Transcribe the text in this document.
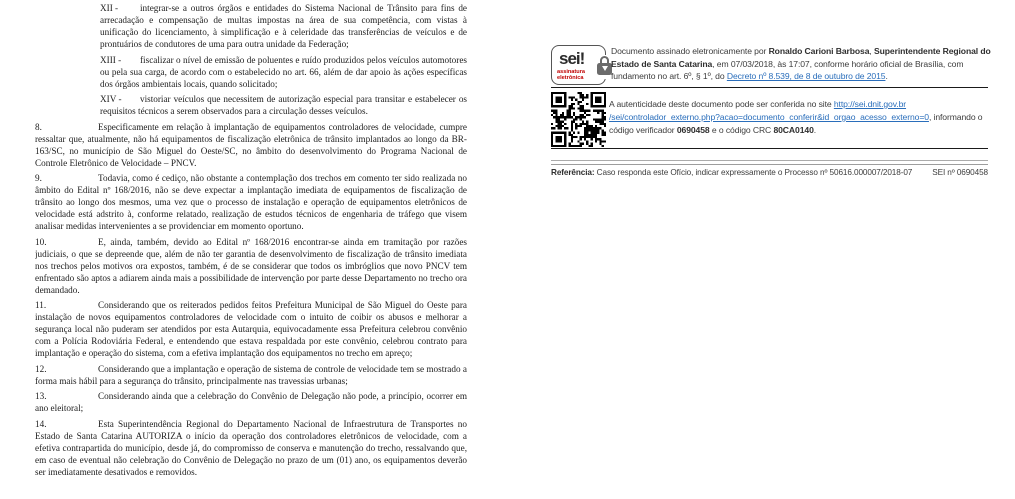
XII - integrar-se a outros órgãos e entidades do Sistema Nacional de Trânsito para fins de arrecadação e compensação de multas impostas na área de sua competência, com vistas à unificação do licenciamento, à simplificação e à celeridade das transferências de veículos e de prontuários de condutores de uma para outra unidade da Federação;

XIII - fiscalizar o nível de emissão de poluentes e ruído produzidos pelos veículos automotores ou pela sua carga, de acordo com o estabelecido no art. 66, além de dar apoio às ações específicas dos órgãos ambientais locais, quando solicitado;

XIV - vistoriar veículos que necessitem de autorização especial para transitar e estabelecer os requisitos técnicos a serem observados para a circulação desses veículos.

8.	Especificamente em relação à implantação de equipamentos controladores de velocidade, cumpre ressaltar que, atualmente, não há equipamentos de fiscalização eletrônica de trânsito implantados ao longo da BR-163/SC, no município de São Miguel do Oeste/SC, no âmbito do desenvolvimento do Programa Nacional de Controle Eletrônico de Velocidade – PNCV.

9.	Todavia, como é cediço, não obstante a contemplação dos trechos em comento ter sido realizada no âmbito do Edital nº 168/2016, não se deve expectar a implantação imediata de equipamentos de fiscalização de trânsito ao longo dos mesmos, uma vez que o processo de instalação e operação de equipamentos eletrônicos de velocidade está adstrito à, conforme relatado, realização de estudos técnicos de engenharia de tráfego que visem analisar medidas intervenientes a se providenciar em momento oportuno.

10.	E, ainda, também, devido ao Edital nº 168/2016 encontrar-se ainda em tramitação por razões judiciais, o que se depreende que, além de não ter garantia de desenvolvimento de fiscalização de trânsito imediata nos trechos pelos motivos ora expostos, também, é de se considerar que todos os imbróglios que novo PNCV tem enfrentado são aptos a adiarem ainda mais a possibilidade de intervenção por parte desse Departamento no trecho ora demandado.

11.	Considerando que os reiterados pedidos feitos Prefeitura Municipal de São Miguel do Oeste para instalação de novos equipamentos controladores de velocidade com o intuito de coibir os abusos e melhorar a segurança local não puderam ser atendidos por esta Autarquia, equivocadamente essa Prefeitura celebrou convênio com a Polícia Rodoviária Federal, e entendendo que estava respaldada por este convênio, celebrou contrato para implantação e operação do sistema, com a efetiva implantação dos equipamentos no trecho em apreço;

12.	Considerando que a implantação e operação de sistema de controle de velocidade tem se mostrado a forma mais hábil para a segurança do trânsito, principalmente nas travessias urbanas;

13.	Considerando ainda que a celebração do Convênio de Delegação não pode, a princípio, ocorrer em ano eleitoral;

14.	Esta Superintendência Regional do Departamento Nacional de Infraestrutura de Transportes no Estado de Santa Catarina AUTORIZA o início da operação dos controladores eletrônicos de velocidade, com a efetiva contrapartida do município, desde já, do compromisso de conserva e manutenção do trecho, ressalvando que, em caso de eventual não celebração do Convênio de Delegação no prazo de um (01) ano, os equipamentos deverão ser imediatamente desativados e removidos.

sei!
assinatura
eletrônica
Documento assinado eletronicamente por Ronaldo Carioni Barbosa, Superintendente Regional do
Estado de Santa Catarina, em 07/03/2018, às 17:07, conforme horário oficial de Brasília, com
fundamento no art. 6º, § 1º, do Decreto nº 8.539, de 8 de outubro de 2015.
A autenticidade deste documento pode ser conferida no site http://sei.dnit.gov.br
/sei/controlador_externo.php?acao=documento_conferir&id_orgao_acesso_externo=0, informando o
código verificador 0690458 e o código CRC 80CA0140.
Referência: Caso responda este Ofício, indicar expressamente o Processo nº 50616.000007/2018-07 SEI nº 0690458
